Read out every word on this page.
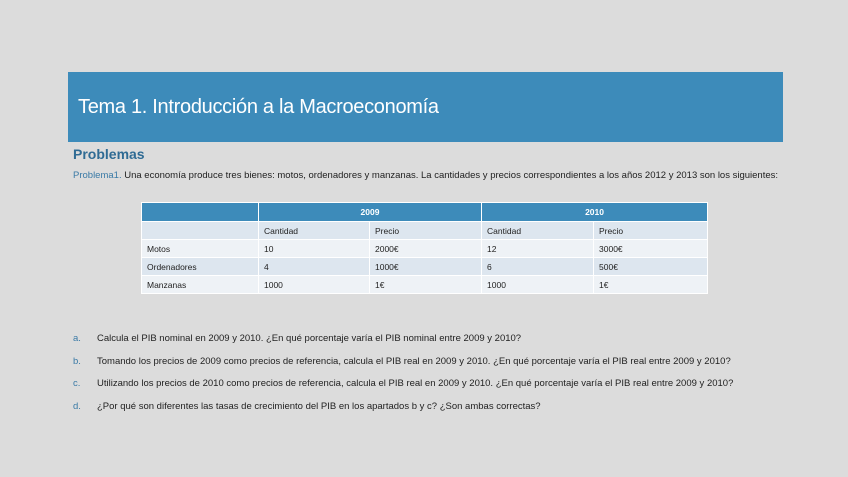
Tema 1. Introducción a la Macroeconomía
Problemas
Problema1. Una economía produce tres bienes: motos, ordenadores y manzanas. La cantidades y precios correspondientes a los años 2012 y 2013 son los siguientes:
	2009		2010	
	Cantidad	Precio	Cantidad	Precio
Motos	10	2000€	12	3000€
Ordenadores	4	1000€	6	500€
Manzanas	1000	1€	1000	1€
a. Calcula el PIB nominal en 2009 y 2010. ¿En qué porcentaje varía el PIB nominal entre 2009 y 2010?
b. Tomando los precios de 2009 como precios de referencia, calcula el PIB real en 2009 y 2010. ¿En qué porcentaje varía el PIB real entre 2009 y 2010?
c. Utilizando los precios de 2010 como precios de referencia, calcula el PIB real en 2009 y 2010. ¿En qué porcentaje varía el PIB real entre 2009 y 2010?
d. ¿Por qué son diferentes las tasas de crecimiento del PIB en los apartados b y c? ¿Son ambas correctas?
